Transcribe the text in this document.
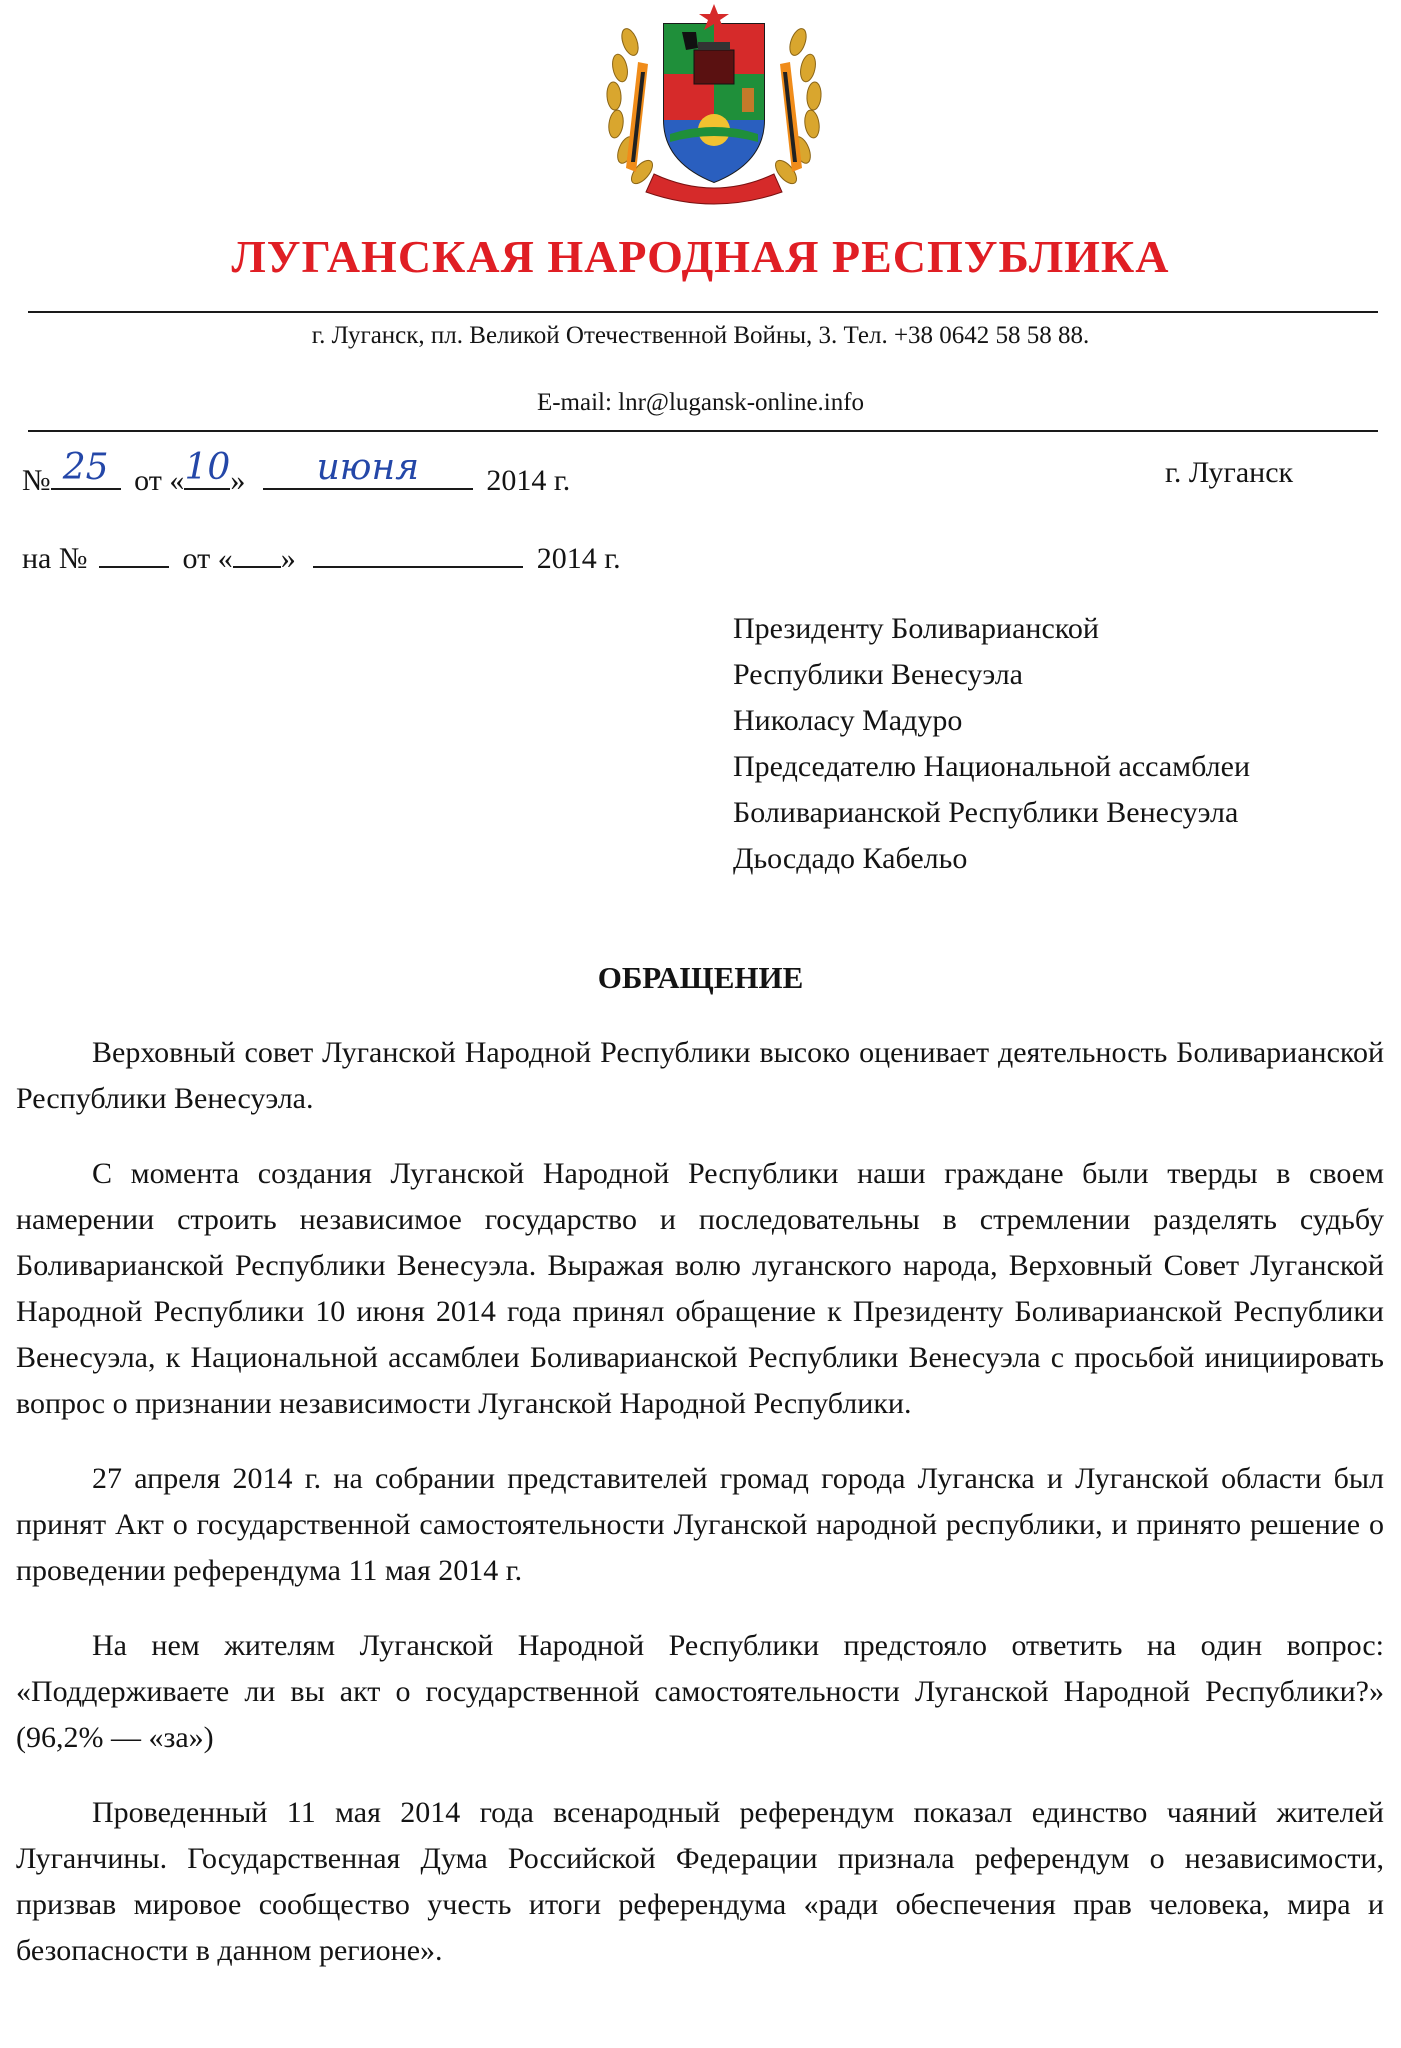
ЛУГАНСКАЯ НАРОДНАЯ РЕСПУБЛИКА
г. Луганск, пл. Великой Отечественной Войны, 3. Тел. +38 0642 58 58 88.
E-mail: lnr@lugansk-online.info
№ 25 от « 10 »	июня	2014 г.	г. Луганск
на №	от « »	2014 г.
Президенту Боливарианской
Республики Венесуэла
Николасу Мадуро
Председателю Национальной ассамблеи
Боливарианской Республики Венесуэла
Дьосдадо Кабельо
ОБРАЩЕНИЕ

Верховный совет Луганской Народной Республики высоко оценивает деятельность Боливарианской Республики Венесуэла.

С момента создания Луганской Народной Республики наши граждане были тверды в своем намерении строить независимое государство и последовательны в стремлении разделять судьбу Боливарианской Республики Венесуэла. Выражая волю луганского народа, Верховный Совет Луганской Народной Республики 10 июня 2014 года принял обращение к Президенту Боливарианской Республики Венесуэла, к Национальной ассамблеи Боливарианской Республики Венесуэла с просьбой инициировать вопрос о признании независимости Луганской Народной Республики.

27 апреля 2014 г. на собрании представителей громад города Луганска и Луганской области был принят Акт о государственной самостоятельности Луганской народной республики, и принято решение о проведении референдума 11 мая 2014 г.

На нем жителям Луганской Народной Республики предстояло ответить на один вопрос: «Поддерживаете ли вы акт о государственной самостоятельности Луганской Народной Республики?» (96,2% — «за»)

Проведенный 11 мая 2014 года всенародный референдум показал единство чаяний жителей Луганчины. Государственная Дума Российской Федерации признала референдум о независимости, призвав мировое сообщество учесть итоги референдума «ради обеспечения прав человека, мира и безопасности в данном регионе».
